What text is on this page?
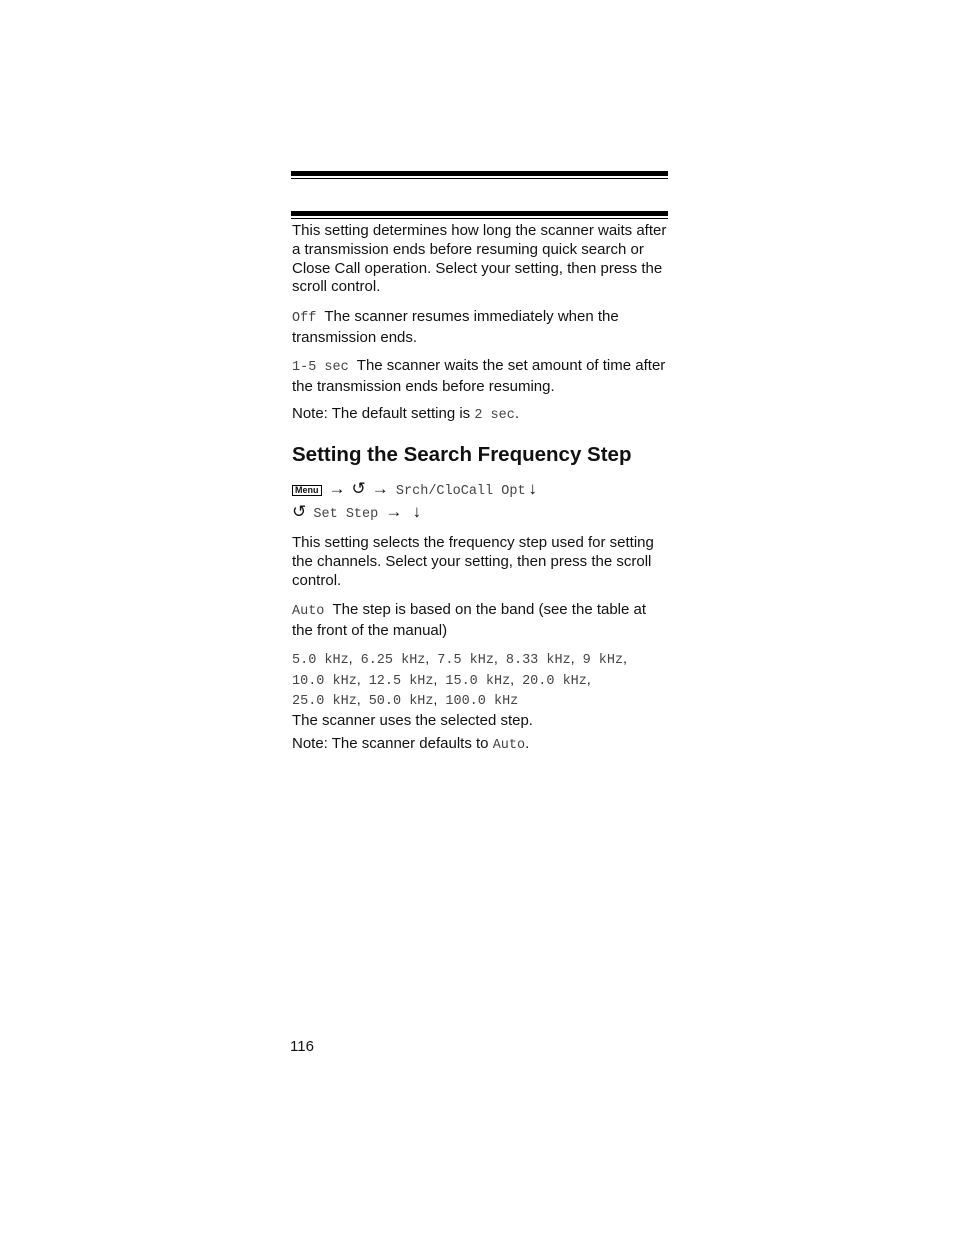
This setting determines how long the scanner waits after a transmission ends before resuming quick search or Close Call operation. Select your setting, then press the scroll control.

Off The scanner resumes immediately when the transmission ends.

1-5 sec The scanner waits the set amount of time after the transmission ends before resuming.

Note: The default setting is 2 sec.

Setting the Search Frequency Step
Menu → ↺ → Srch/CloCall Opt ↓
↺ Set Step → ↓

This setting selects the frequency step used for setting the channels. Select your setting, then press the scroll control.

Auto The step is based on the band (see the table at the front of the manual)

5.0 kHz, 6.25 kHz, 7.5 kHz, 8.33 kHz, 9 kHz,
10.0 kHz, 12.5 kHz, 15.0 kHz, 20.0 kHz,
25.0 kHz, 50.0 kHz, 100.0 kHz

The scanner uses the selected step.

Note: The scanner defaults to Auto.

116
